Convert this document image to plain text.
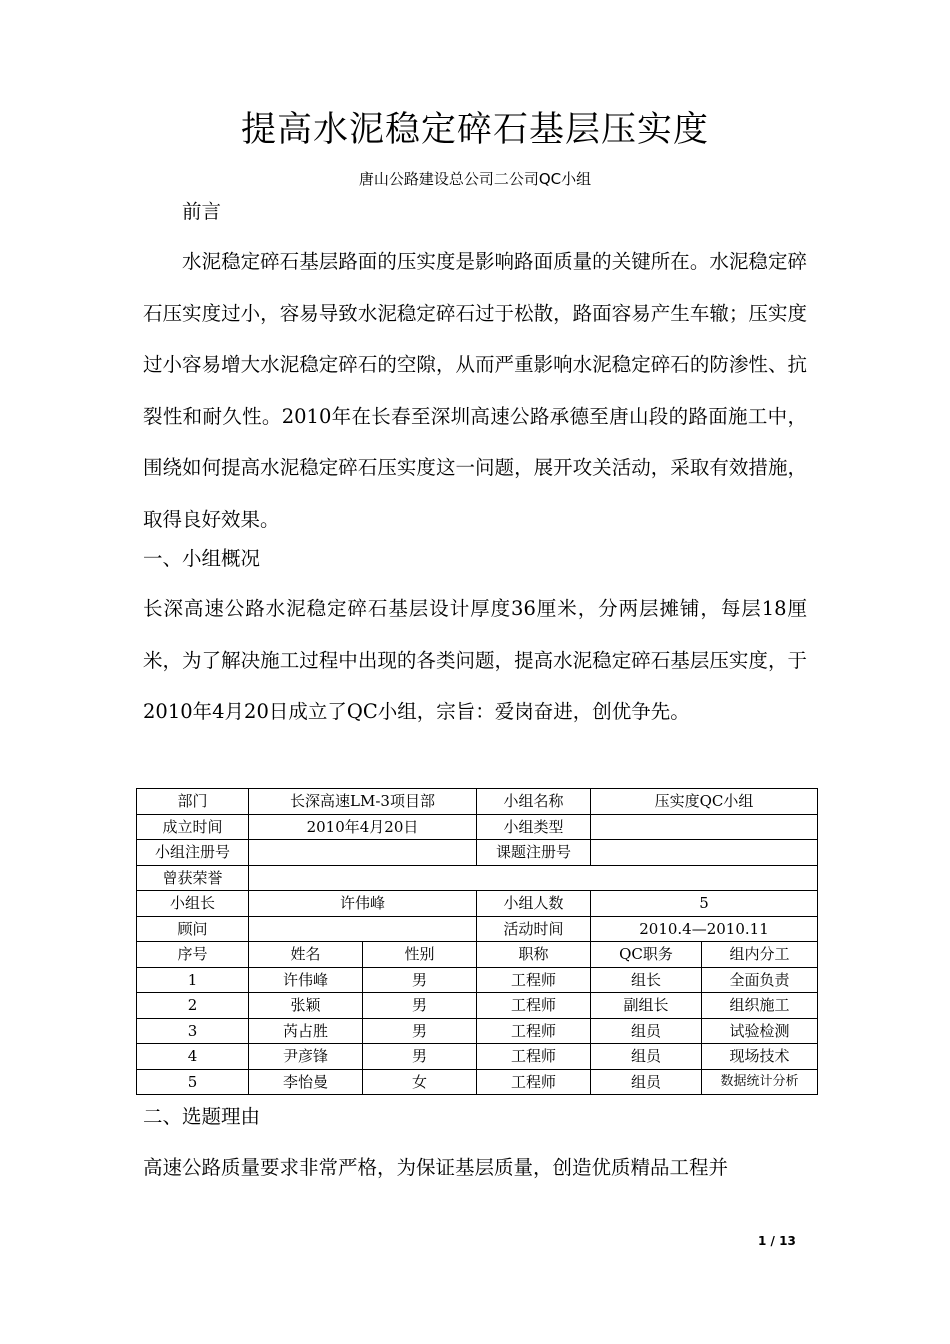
提高水泥稳定碎石基层压实度
唐山公路建设总公司二公司QC小组

前言

水泥稳定碎石基层路面的压实度是影响路面质量的关键所在。水泥稳定碎石压实度过小，容易导致水泥稳定碎石过于松散，路面容易产生车辙；压实度过小容易增大水泥稳定碎石的空隙，从而严重影响水泥稳定碎石的防渗性、抗裂性和耐久性。2010年在长春至深圳高速公路承德至唐山段的路面施工中，围绕如何提高水泥稳定碎石压实度这一问题，展开攻关活动，采取有效措施，取得良好效果。

一、小组概况

长深高速公路水泥稳定碎石基层设计厚度36厘米，分两层摊铺，每层18厘米，为了解决施工过程中出现的各类问题，提高水泥稳定碎石基层压实度，于2010年4月20日成立了QC小组，宗旨：爱岗奋进，创优争先。

部门	长深高速LM-3项目部		小组名称	压实度QC小组	
成立时间	2010年4月20日		小组类型		
小组注册号			课题注册号		
曾获荣誉					
小组长	许伟峰		小组人数	5	
顾问			活动时间	2010.4—2010.11	
序号	姓名	性别	职称	QC职务	组内分工
1	许伟峰	男	工程师	组长	全面负责
2	张颖	男	工程师	副组长	组织施工
3	芮占胜	男	工程师	组员	试验检测
4	尹彦锋	男	工程师	组员	现场技术
5	李怡曼	女	工程师	组员	数据统计分析

二、选题理由

高速公路质量要求非常严格，为保证基层质量，创造优质精品工程并

1 / 13
